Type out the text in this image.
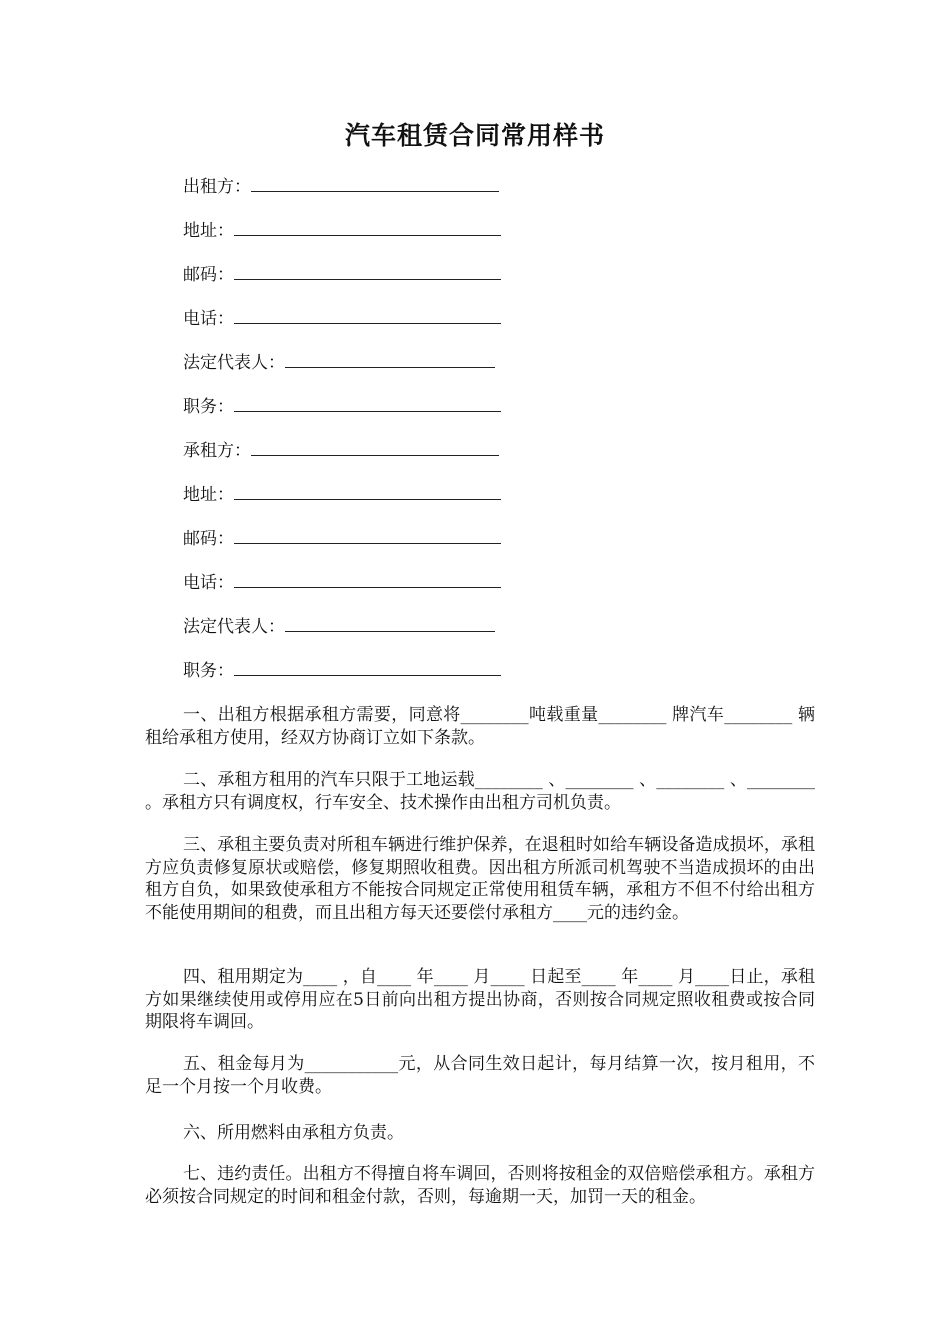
汽车租赁合同常用样书
出租方：
地址：
邮码：
电话：
法定代表人：
职务：
承租方：
地址：
邮码：
电话：
法定代表人：
职务：

一、出租方根据承租方需要，同意将________吨载重量________ 牌汽车________ 辆租给承租方使用，经双方协商订立如下条款。

二、承租方租用的汽车只限于工地运载________ 、________ 、________ 、________ 。承租方只有调度权，行车安全、技术操作由出租方司机负责。

三、承租主要负责对所租车辆进行维护保养，在退租时如给车辆设备造成损坏，承租方应负责修复原状或赔偿，修复期照收租费。因出租方所派司机驾驶不当造成损坏的由出租方自负，如果致使承租方不能按合同规定正常使用租赁车辆，承租方不但不付给出租方不能使用期间的租费，而且出租方每天还要偿付承租方____元的违约金。

四、租用期定为____ ，自____ 年____ 月____ 日起至____ 年____ 月____日止，承租方如果继续使用或停用应在5日前向出租方提出协商，否则按合同规定照收租费或按合同期限将车调回。

五、租金每月为___________元，从合同生效日起计，每月结算一次，按月租用，不足一个月按一个月收费。

六、所用燃料由承租方负责。

七、违约责任。出租方不得擅自将车调回，否则将按租金的双倍赔偿承租方。承租方必须按合同规定的时间和租金付款，否则，每逾期一天，加罚一天的租金。
